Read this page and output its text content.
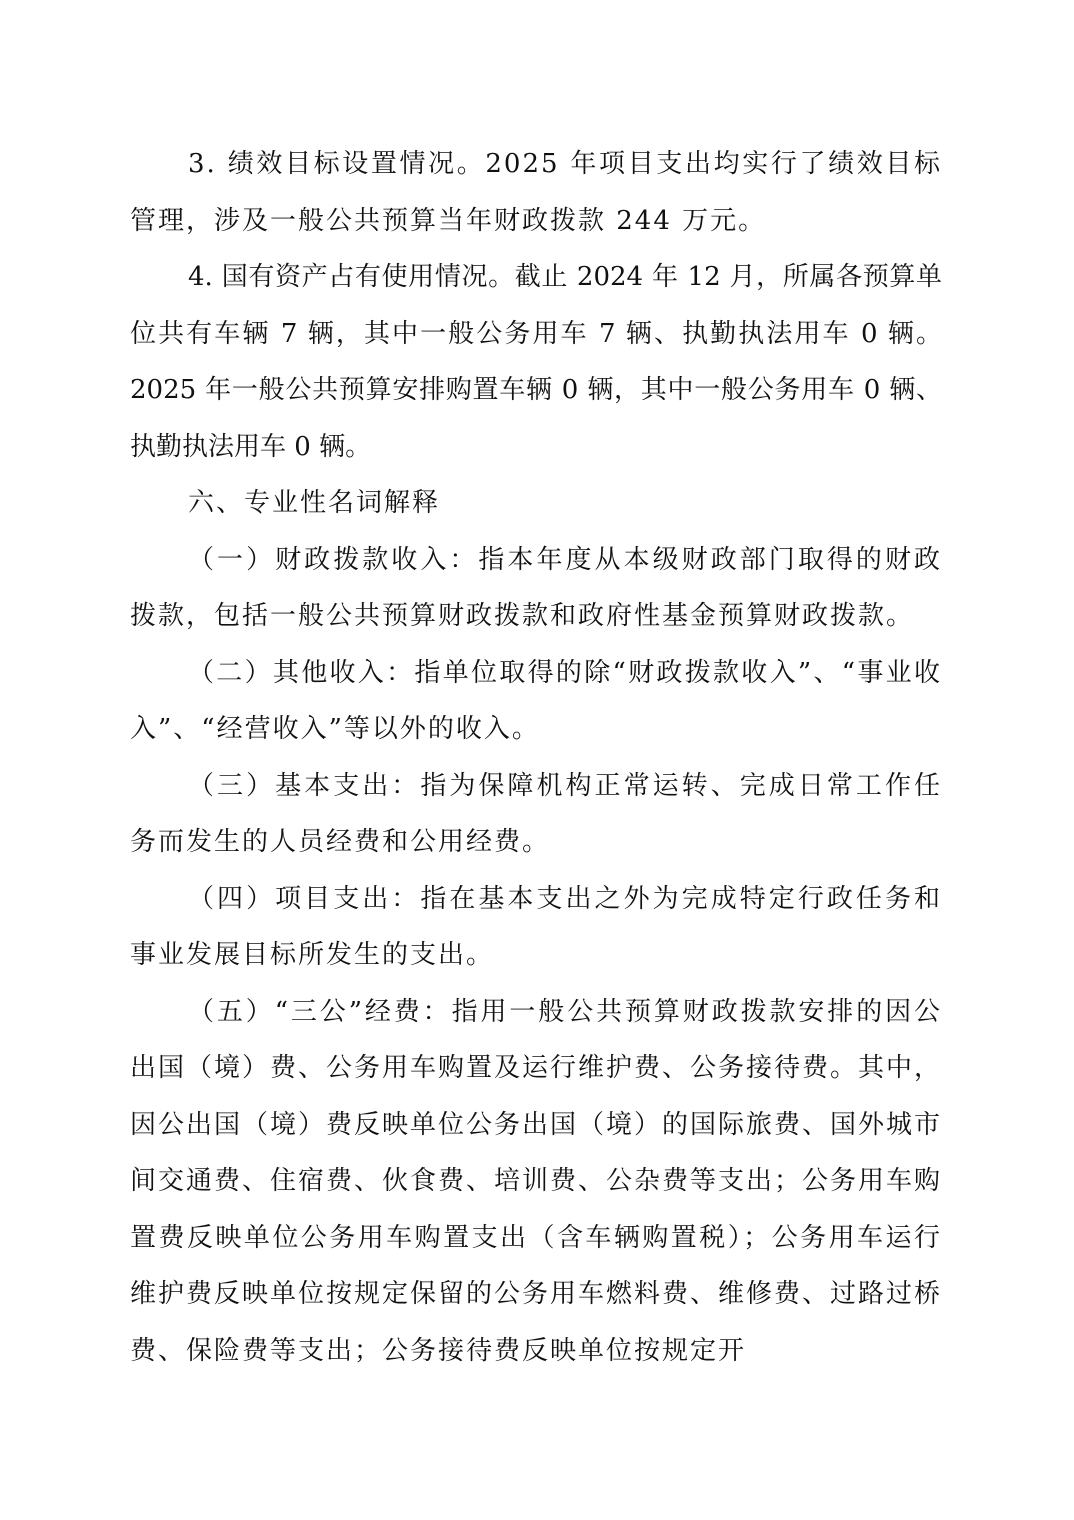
3. 绩效目标设置情况。2025 年项目支出均实行了绩效目标管理，涉及一般公共预算当年财政拨款 244 万元。

4. 国有资产占有使用情况。截止 2024 年 12 月，所属各预算单位共有车辆 7 辆，其中一般公务用车 7 辆、执勤执法用车 0 辆。2025 年一般公共预算安排购置车辆 0 辆，其中一般公务用车 0 辆、执勤执法用车 0 辆。

六、专业性名词解释

（一）财政拨款收入：指本年度从本级财政部门取得的财政拨款，包括一般公共预算财政拨款和政府性基金预算财政拨款。

（二）其他收入：指单位取得的除“财政拨款收入”、“事业收入”、“经营收入”等以外的收入。

（三）基本支出：指为保障机构正常运转、完成日常工作任务而发生的人员经费和公用经费。

（四）项目支出：指在基本支出之外为完成特定行政任务和事业发展目标所发生的支出。

（五）“三公”经费：指用一般公共预算财政拨款安排的因公出国（境）费、公务用车购置及运行维护费、公务接待费。其中，因公出国（境）费反映单位公务出国（境）的国际旅费、国外城市间交通费、住宿费、伙食费、培训费、公杂费等支出；公务用车购置费反映单位公务用车购置支出（含车辆购置税）；公务用车运行维护费反映单位按规定保留的公务用车燃料费、维修费、过路过桥费、保险费等支出；公务接待费反映单位按规定开
